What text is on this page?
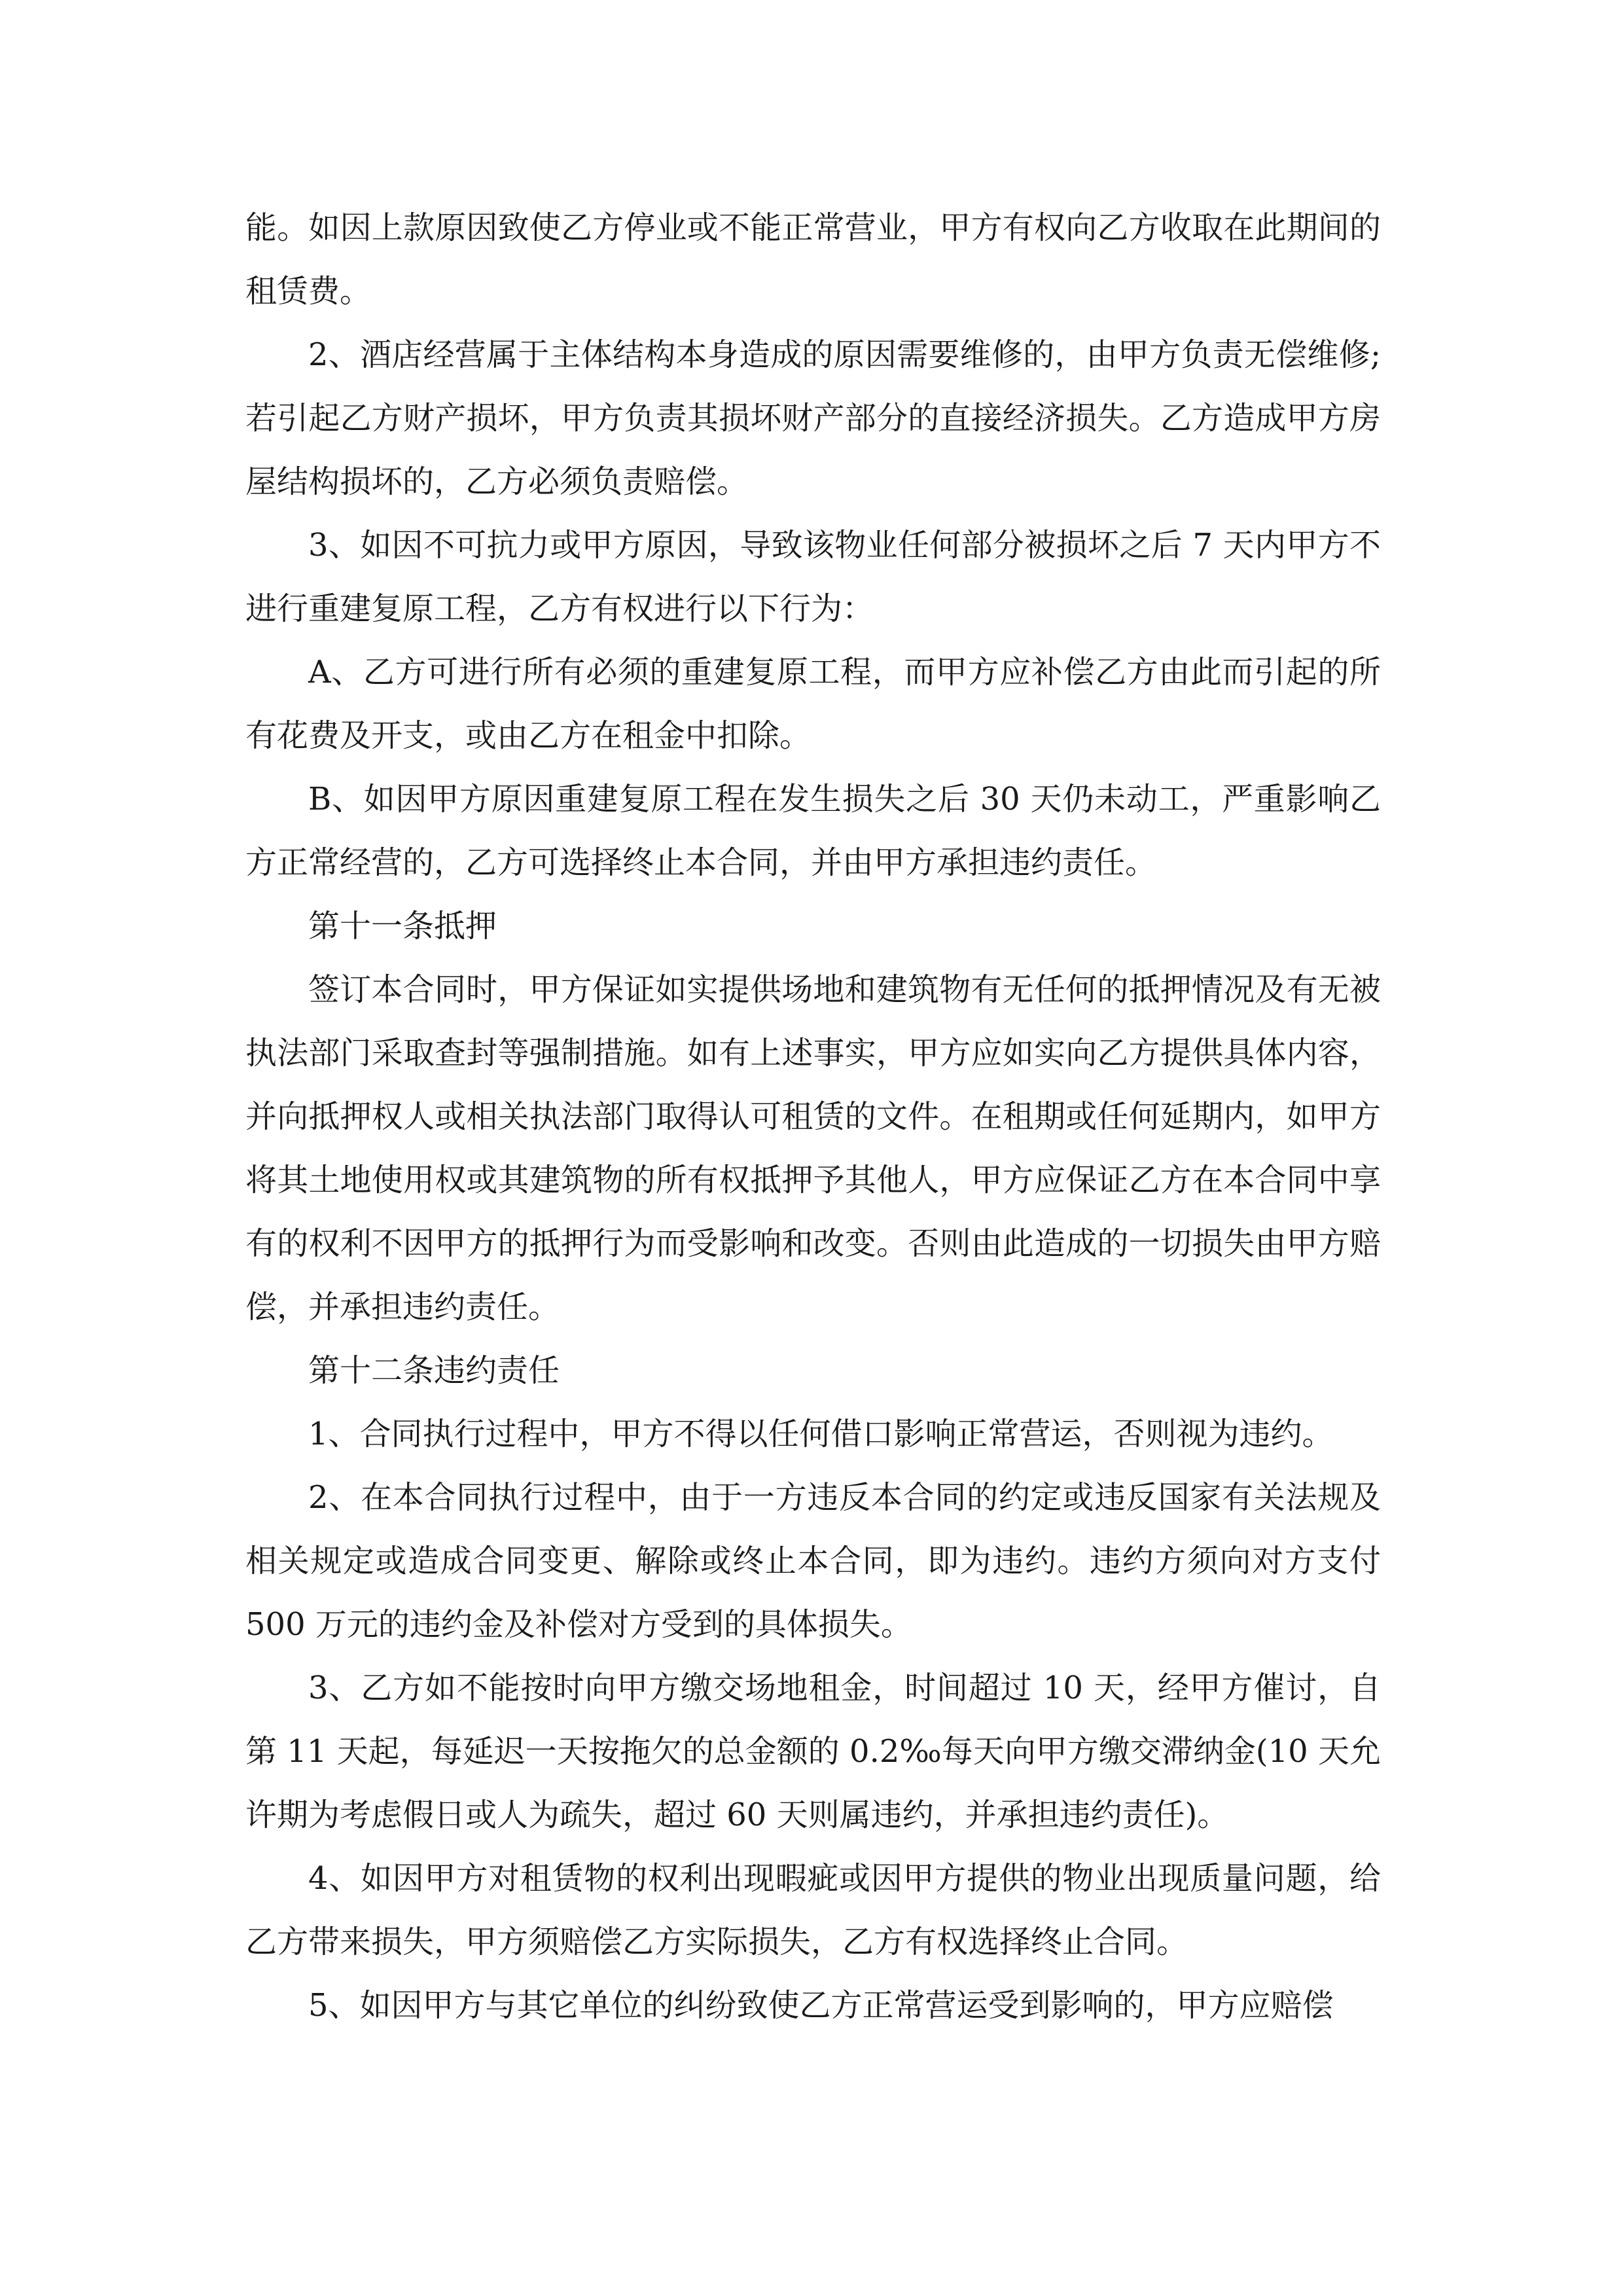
能。如因上款原因致使乙方停业或不能正常营业，甲方有权向乙方收取在此期间的租赁费。

2、酒店经营属于主体结构本身造成的原因需要维修的，由甲方负责无偿维修;若引起乙方财产损坏，甲方负责其损坏财产部分的直接经济损失。乙方造成甲方房屋结构损坏的，乙方必须负责赔偿。

3、如因不可抗力或甲方原因，导致该物业任何部分被损坏之后 7 天内甲方不进行重建复原工程，乙方有权进行以下行为：

A、乙方可进行所有必须的重建复原工程，而甲方应补偿乙方由此而引起的所有花费及开支，或由乙方在租金中扣除。

B、如因甲方原因重建复原工程在发生损失之后 30 天仍未动工，严重影响乙方正常经营的，乙方可选择终止本合同，并由甲方承担违约责任。

第十一条抵押

签订本合同时，甲方保证如实提供场地和建筑物有无任何的抵押情况及有无被执法部门采取查封等强制措施。如有上述事实，甲方应如实向乙方提供具体内容，并向抵押权人或相关执法部门取得认可租赁的文件。在租期或任何延期内，如甲方将其土地使用权或其建筑物的所有权抵押予其他人，甲方应保证乙方在本合同中享有的权利不因甲方的抵押行为而受影响和改变。否则由此造成的一切损失由甲方赔偿，并承担违约责任。

第十二条违约责任

1、合同执行过程中，甲方不得以任何借口影响正常营运，否则视为违约。

2、在本合同执行过程中，由于一方违反本合同的约定或违反国家有关法规及相关规定或造成合同变更、解除或终止本合同，即为违约。违约方须向对方支付 500 万元的违约金及补偿对方受到的具体损失。

3、乙方如不能按时向甲方缴交场地租金，时间超过 10 天，经甲方催讨，自第 11 天起，每延迟一天按拖欠的总金额的 0.2‰每天向甲方缴交滞纳金(10 天允许期为考虑假日或人为疏失，超过 60 天则属违约，并承担违约责任)。

4、如因甲方对租赁物的权利出现暇疵或因甲方提供的物业出现质量问题，给乙方带来损失，甲方须赔偿乙方实际损失，乙方有权选择终止合同。

5、如因甲方与其它单位的纠纷致使乙方正常营运受到影响的，甲方应赔偿
